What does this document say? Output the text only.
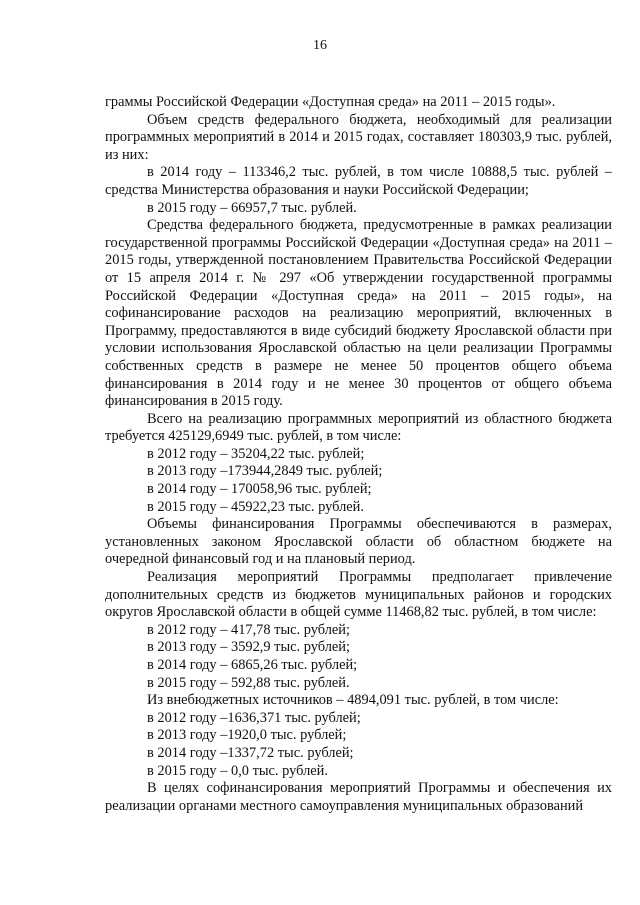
16

граммы Российской Федерации «Доступная среда» на 2011 – 2015 годы».

Объем средств федерального бюджета, необходимый для реализации программных мероприятий в 2014 и 2015 годах, составляет 180303,9 тыс. рублей, из них:

в 2014 году – 113346,2 тыс. рублей, в том числе 10888,5 тыс. рублей – средства Министерства образования и науки Российской Федерации;

в 2015 году – 66957,7 тыс. рублей.

Средства федерального бюджета, предусмотренные в рамках реализации государственной программы Российской Федерации «Доступная среда» на 2011 – 2015 годы, утвержденной постановлением Правительства Российской Федерации от 15 апреля 2014 г. № 297 «Об утверждении государственной программы Российской Федерации «Доступная среда» на 2011 – 2015 годы», на софинансирование расходов на реализацию мероприятий, включенных в Программу, предоставляются в виде субсидий бюджету Ярославской области при условии использования Ярославской областью на цели реализации Программы собственных средств в размере не менее 50 процентов общего объема финансирования в 2014 году и не менее 30 процентов от общего объема финансирования в 2015 году.

Всего на реализацию программных мероприятий из областного бюджета требуется 425129,6949 тыс. рублей, в том числе:

в 2012 году – 35204,22 тыс. рублей;

в 2013 году –173944,2849 тыс. рублей;

в 2014 году – 170058,96 тыс. рублей;

в 2015 году – 45922,23 тыс. рублей.

Объемы финансирования Программы обеспечиваются в размерах, установленных законом Ярославской области об областном бюджете на очередной финансовый год и на плановый период.

Реализация мероприятий Программы предполагает привлечение дополнительных средств из бюджетов муниципальных районов и городских округов Ярославской области в общей сумме 11468,82 тыс. рублей, в том числе:

в 2012 году – 417,78 тыс. рублей;

в 2013 году – 3592,9 тыс. рублей;

в 2014 году – 6865,26 тыс. рублей;

в 2015 году – 592,88 тыс. рублей.

Из внебюджетных источников – 4894,091 тыс. рублей, в том числе:

в 2012 году –1636,371 тыс. рублей;

в 2013 году –1920,0 тыс. рублей;

в 2014 году –1337,72 тыс. рублей;

в 2015 году – 0,0 тыс. рублей.

В целях софинансирования мероприятий Программы и обеспечения их реализации органами местного самоуправления муниципальных образований
